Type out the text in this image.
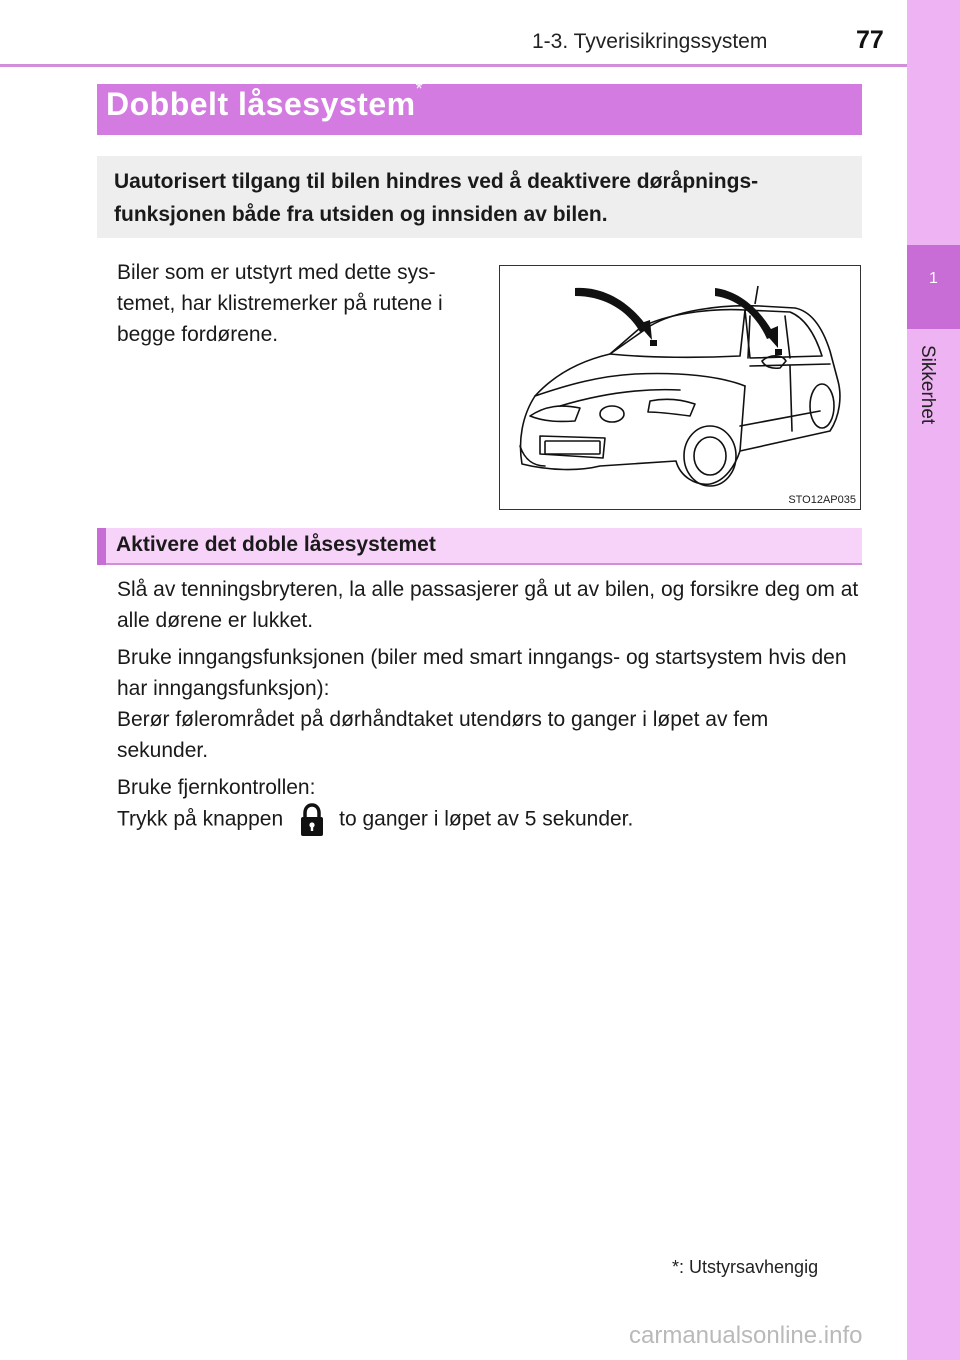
1
Sikkerhet
1-3. Tyverisikringssystem	77
Dobbelt låsesystem*
Uautorisert tilgang til bilen hindres ved å deaktivere døråpnings-funksjonen både fra utsiden og innsiden av bilen.
Biler som er utstyrt med dette sys-temet, har klistremerker på rutene i begge fordørene.
STO12AP035
Aktivere det doble låsesystemet
Slå av tenningsbryteren, la alle passasjerer gå ut av bilen, og forsikre deg om at alle dørene er lukket.
Bruke inngangsfunksjonen (biler med smart inngangs- og startsystem hvis den har inngangsfunksjon):
Berør følerområdet på dørhåndtaket utendørs to ganger i løpet av fem sekunder.
Bruke fjernkontrollen:
Trykk på knappen	to ganger i løpet av 5 sekunder.
*: Utstyrsavhengig
carmanualsonline.info
